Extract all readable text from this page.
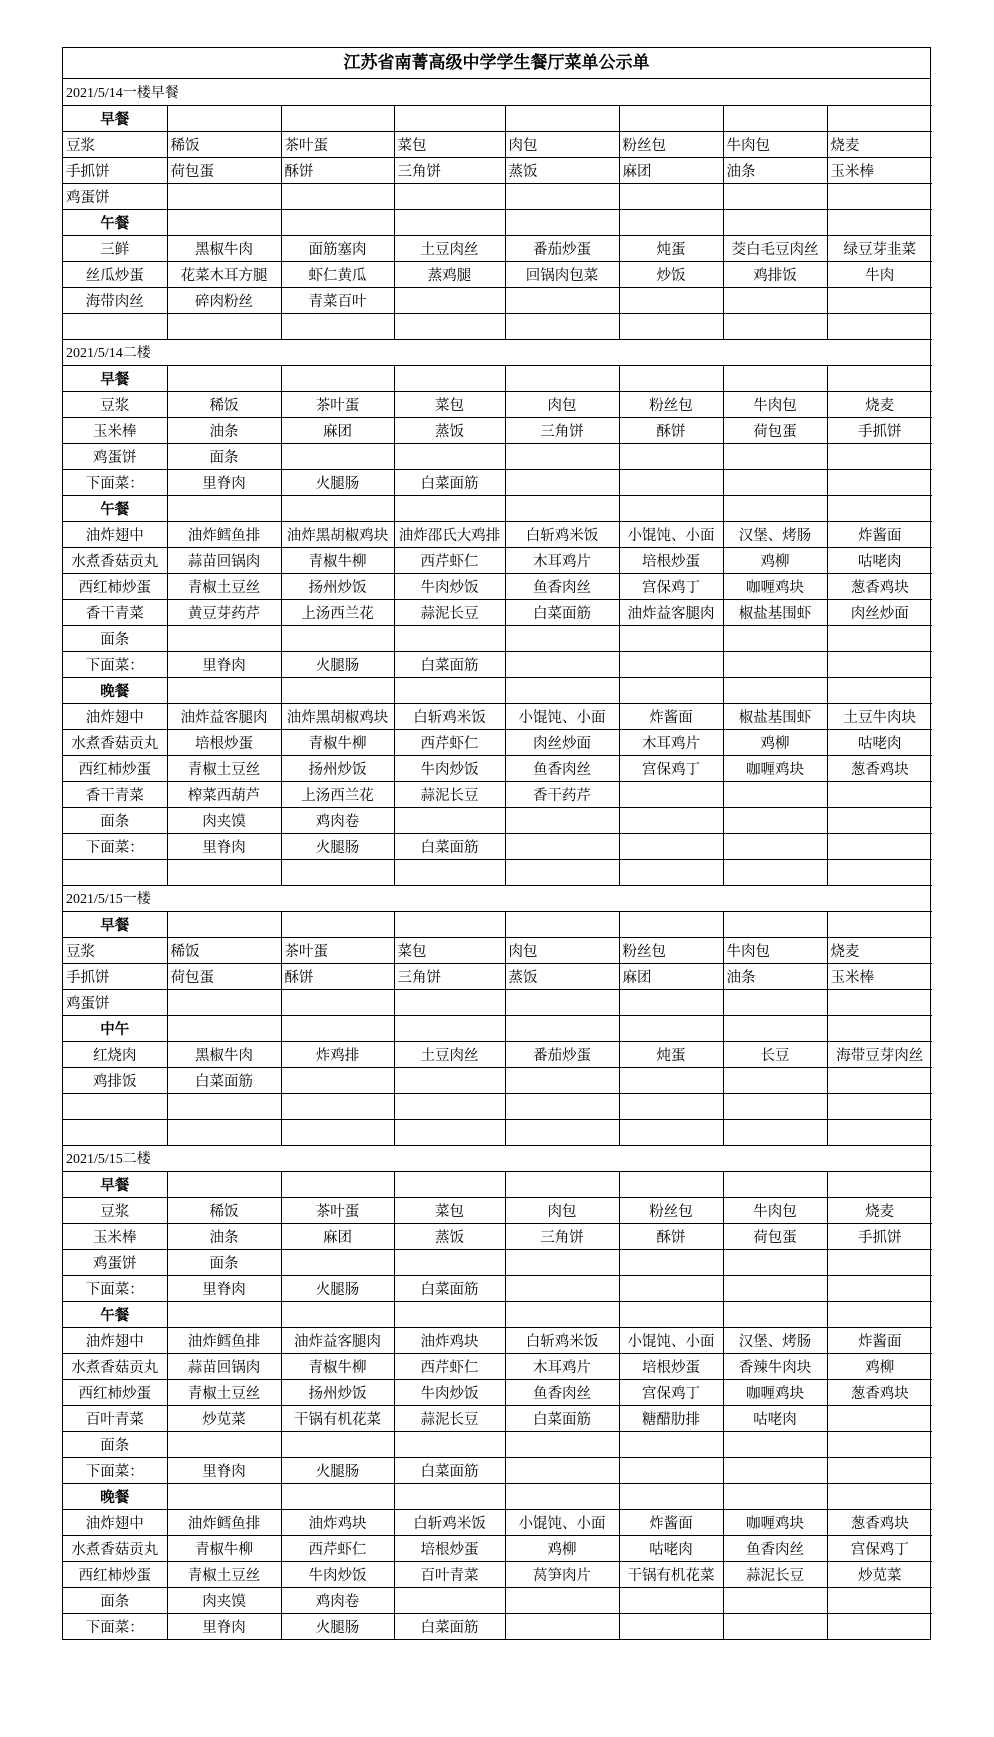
江苏省南菁高级中学学生餐厅菜单公示单
2021/5/14一楼早餐							
早餐							
豆浆	稀饭	茶叶蛋	菜包	肉包	粉丝包	牛肉包	烧麦
手抓饼	荷包蛋	酥饼	三角饼	蒸饭	麻团	油条	玉米棒
鸡蛋饼							
午餐							
三鲜	黑椒牛肉	面筋塞肉	土豆肉丝	番茄炒蛋	炖蛋	茭白毛豆肉丝	绿豆芽韭菜
丝瓜炒蛋	花菜木耳方腿	虾仁黄瓜	蒸鸡腿	回锅肉包菜	炒饭	鸡排饭	牛肉
海带肉丝	碎肉粉丝	青菜百叶					

2021/5/14二楼							
早餐							
豆浆	稀饭	茶叶蛋	菜包	肉包	粉丝包	牛肉包	烧麦
玉米棒	油条	麻团	蒸饭	三角饼	酥饼	荷包蛋	手抓饼
鸡蛋饼	面条						
下面菜：	里脊肉	火腿肠	白菜面筋				
午餐							
油炸翅中	油炸鳕鱼排	油炸黑胡椒鸡块	油炸邵氏大鸡排	白斩鸡米饭	小馄饨、小面	汉堡、烤肠	炸酱面
水煮香菇贡丸	蒜苗回锅肉	青椒牛柳	西芹虾仁	木耳鸡片	培根炒蛋	鸡柳	咕咾肉
西红柿炒蛋	青椒土豆丝	扬州炒饭	牛肉炒饭	鱼香肉丝	宫保鸡丁	咖喱鸡块	葱香鸡块
香干青菜	黄豆芽药芹	上汤西兰花	蒜泥长豆	白菜面筋	油炸益客腿肉	椒盐基围虾	肉丝炒面
面条							
下面菜：	里脊肉	火腿肠	白菜面筋				
晚餐							
油炸翅中	油炸益客腿肉	油炸黑胡椒鸡块	白斩鸡米饭	小馄饨、小面	炸酱面	椒盐基围虾	土豆牛肉块
水煮香菇贡丸	培根炒蛋	青椒牛柳	西芹虾仁	肉丝炒面	木耳鸡片	鸡柳	咕咾肉
西红柿炒蛋	青椒土豆丝	扬州炒饭	牛肉炒饭	鱼香肉丝	宫保鸡丁	咖喱鸡块	葱香鸡块
香干青菜	榨菜西葫芦	上汤西兰花	蒜泥长豆	香干药芹			
面条	肉夹馍	鸡肉卷					
下面菜：	里脊肉	火腿肠	白菜面筋				

2021/5/15一楼							
早餐							
豆浆	稀饭	茶叶蛋	菜包	肉包	粉丝包	牛肉包	烧麦
手抓饼	荷包蛋	酥饼	三角饼	蒸饭	麻团	油条	玉米棒
鸡蛋饼							
中午							
红烧肉	黑椒牛肉	炸鸡排	土豆肉丝	番茄炒蛋	炖蛋	长豆	海带豆芽肉丝
鸡排饭	白菜面筋						

2021/5/15二楼							
早餐							
豆浆	稀饭	茶叶蛋	菜包	肉包	粉丝包	牛肉包	烧麦
玉米棒	油条	麻团	蒸饭	三角饼	酥饼	荷包蛋	手抓饼
鸡蛋饼	面条						
下面菜：	里脊肉	火腿肠	白菜面筋				
午餐							
油炸翅中	油炸鳕鱼排	油炸益客腿肉	油炸鸡块	白斩鸡米饭	小馄饨、小面	汉堡、烤肠	炸酱面
水煮香菇贡丸	蒜苗回锅肉	青椒牛柳	西芹虾仁	木耳鸡片	培根炒蛋	香辣牛肉块	鸡柳
西红柿炒蛋	青椒土豆丝	扬州炒饭	牛肉炒饭	鱼香肉丝	宫保鸡丁	咖喱鸡块	葱香鸡块
百叶青菜	炒苋菜	干锅有机花菜	蒜泥长豆	白菜面筋	糖醋肋排	咕咾肉	
面条							
下面菜：	里脊肉	火腿肠	白菜面筋				
晚餐							
油炸翅中	油炸鳕鱼排	油炸鸡块	白斩鸡米饭	小馄饨、小面	炸酱面	咖喱鸡块	葱香鸡块
水煮香菇贡丸	青椒牛柳	西芹虾仁	培根炒蛋	鸡柳	咕咾肉	鱼香肉丝	宫保鸡丁
西红柿炒蛋	青椒土豆丝	牛肉炒饭	百叶青菜	莴笋肉片	干锅有机花菜	蒜泥长豆	炒苋菜
面条	肉夹馍	鸡肉卷					
下面菜：	里脊肉	火腿肠	白菜面筋				
